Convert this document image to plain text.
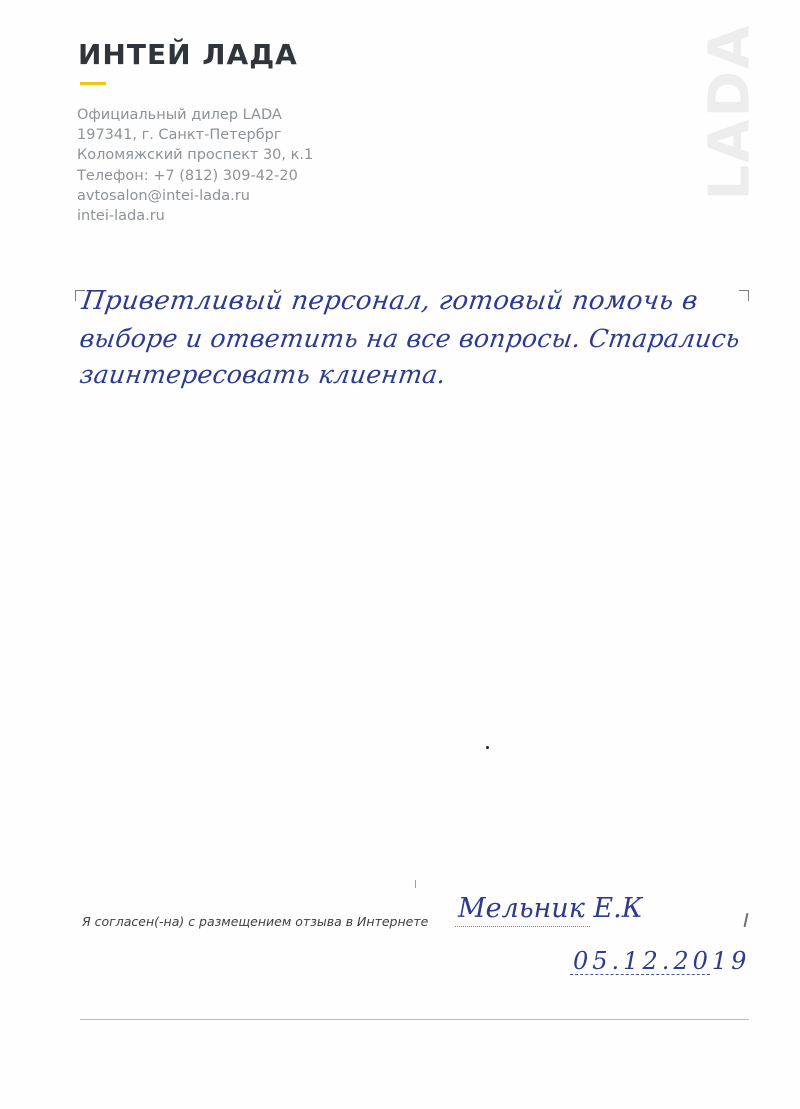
ИНТЕЙ ЛАДА
Официальный дилер LADA
197341, г. Санкт-Петербрг
Коломяжский проспект 30, к.1
Телефон: +7 (812) 309-42-20
avtosalon@intei-lada.ru
intei-lada.ru
LADA
Приветливый персонал, готовый помочь в
выборе и ответить на все вопросы. Старались
заинтересовать клиента.
Я согласен(-на) с размещением отзыва в Интернете Мельник Е.К
05.12.2019
